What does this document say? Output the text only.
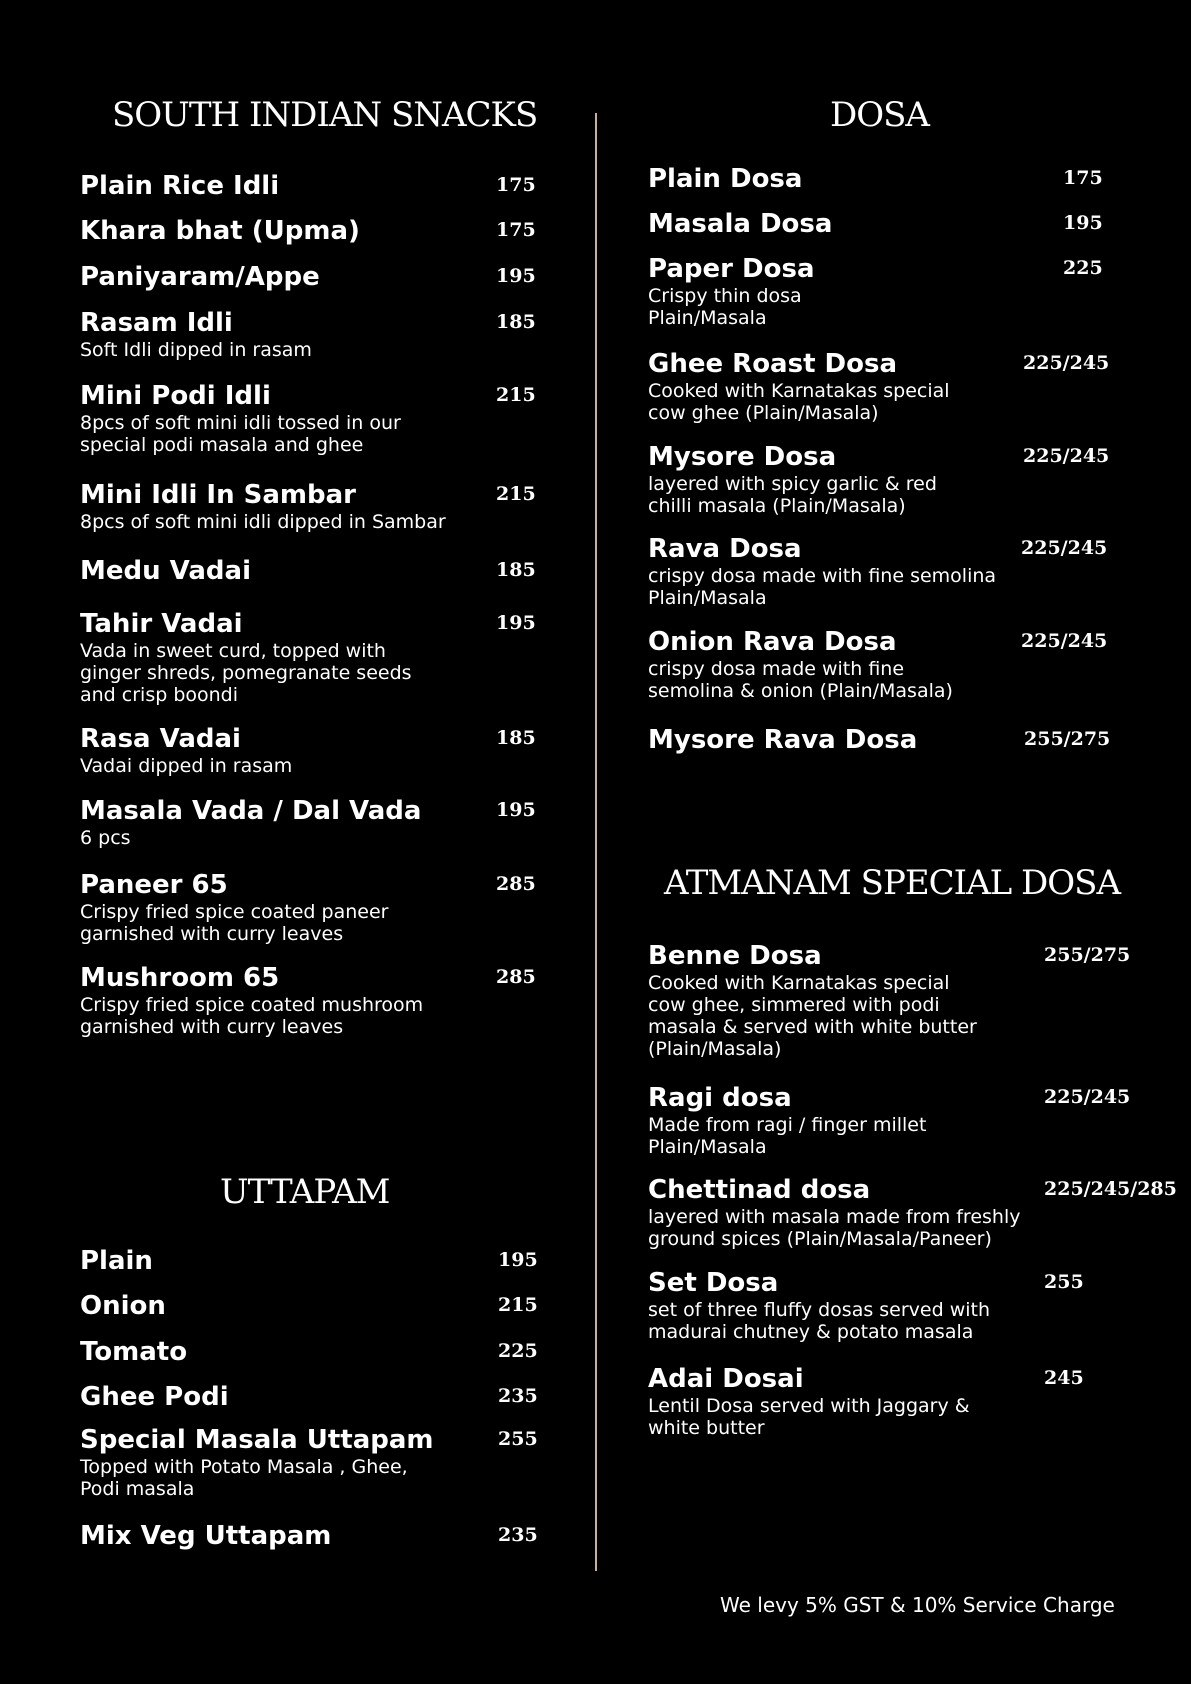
SOUTH INDIAN SNACKS	DOSA
ATMANAM SPECIAL DOSA
UTTAPAM
Plain Rice Idli	175
Khara bhat (Upma)	175
Paniyaram/Appe	195
Rasam Idli	185
Soft Idli dipped in rasam
Mini Podi Idli	215
8pcs of soft mini idli tossed in our
special podi masala and ghee
Mini Idli In Sambar	215
8pcs of soft mini idli dipped in Sambar
Medu Vadai	185
Tahir Vadai	195
Vada in sweet curd, topped with
ginger shreds, pomegranate seeds
and crisp boondi
Rasa Vadai	185
Vadai dipped in rasam
Masala Vada / Dal Vada	195
6 pcs
Paneer 65	285
Crispy fried spice coated paneer
garnished with curry leaves
Mushroom 65	285
Crispy fried spice coated mushroom
garnished with curry leaves
Plain	195
Onion	215
Tomato	225
Ghee Podi	235
Special Masala Uttapam	255
Topped with Potato Masala , Ghee,
Podi masala
Mix Veg Uttapam	235
Plain Dosa	175
Masala Dosa	195
Paper Dosa	225
Crispy thin dosa
Plain/Masala
Ghee Roast Dosa	225/245
Cooked with Karnatakas special
cow ghee (Plain/Masala)
Mysore Dosa	225/245
layered with spicy garlic & red
chilli masala (Plain/Masala)
Rava Dosa	225/245
crispy dosa made with fine semolina
Plain/Masala
Onion Rava Dosa	225/245
crispy dosa made with fine
semolina & onion (Plain/Masala)
Mysore Rava Dosa	255/275
Benne Dosa	255/275
Cooked with Karnatakas special
cow ghee, simmered with podi
masala & served with white butter
(Plain/Masala)
Ragi dosa	225/245
Made from ragi / finger millet
Plain/Masala
Chettinad dosa	225/245/285
layered with masala made from freshly
ground spices (Plain/Masala/Paneer)
Set Dosa	255
set of three fluffy dosas served with
madurai chutney & potato masala
Adai Dosai	245
Lentil Dosa served with Jaggary &
white butter
We levy 5% GST & 10% Service Charge
